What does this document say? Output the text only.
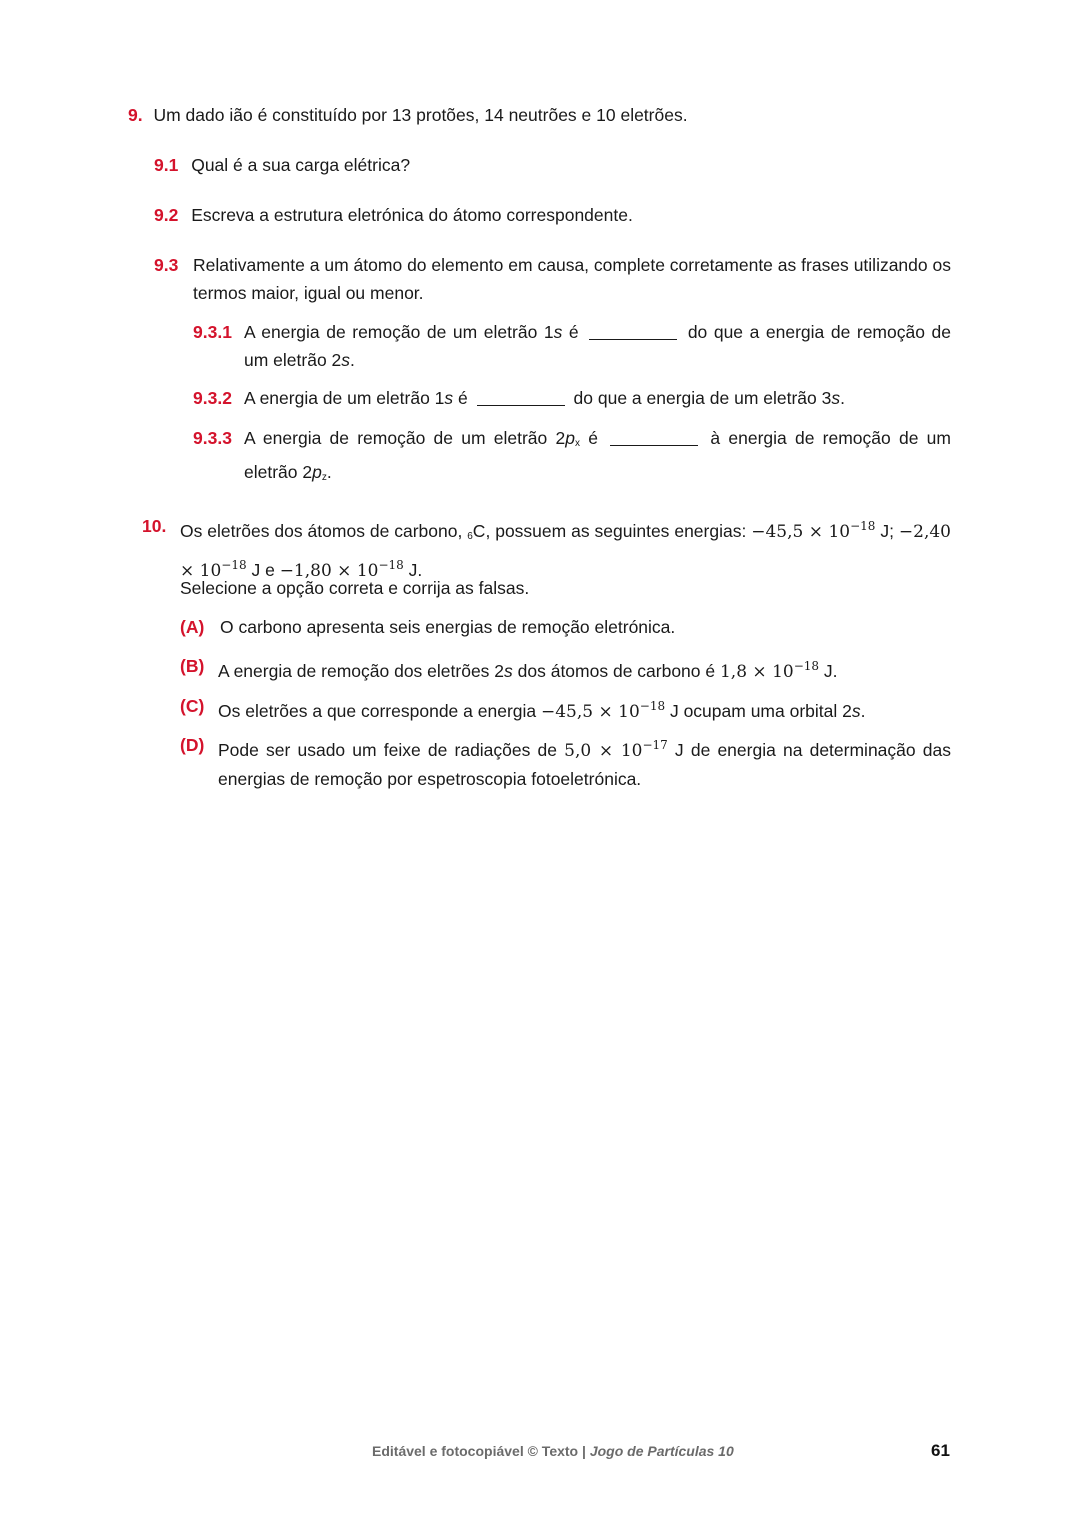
9. Um dado ião é constituído por 13 protões, 14 neutrões e 10 eletrões.
9.1 Qual é a sua carga elétrica?
9.2 Escreva a estrutura eletrónica do átomo correspondente.
9.3 Relativamente a um átomo do elemento em causa, complete corretamente as frases utilizando os termos maior, igual ou menor.
9.3.1 A energia de remoção de um eletrão 1s é	do que a energia de remoção de um eletrão 2s.
9.3.2 A energia de um eletrão 1s é	do que a energia de um eletrão 3s.
9.3.3 A energia de remoção de um eletrão $2p_x$ é	à energia de remoção de um eletrão $2p_z$.
10. Os eletrões dos átomos de carbono, $_6$C, possuem as seguintes energias: $-45,5 \times 10^{-18}$ J; $-2,40 \times 10^{-18}$ J $e -1,80 \times 10^{-18}$ J.
Selecione a opção correta e corrija as falsas.
(A) O carbono apresenta seis energias de remoção eletrónica.
(B) A energia de remoção dos eletrões 2s dos átomos de carbono é $1,8 \times 10^{-18}$ J.
(C) Os eletrões a que corresponde a energia $-45,5 \times 10^{-18}$ J ocupam uma orbital 2s.
(D) Pode ser usado um feixe de radiações de $5,0 \times 10^{-17}$ J de energia na determinação das energias de remoção por espetroscopia fotoeletrónica.
Editável e fotocopiável © Texto | Jogo de Partículas 10	61
